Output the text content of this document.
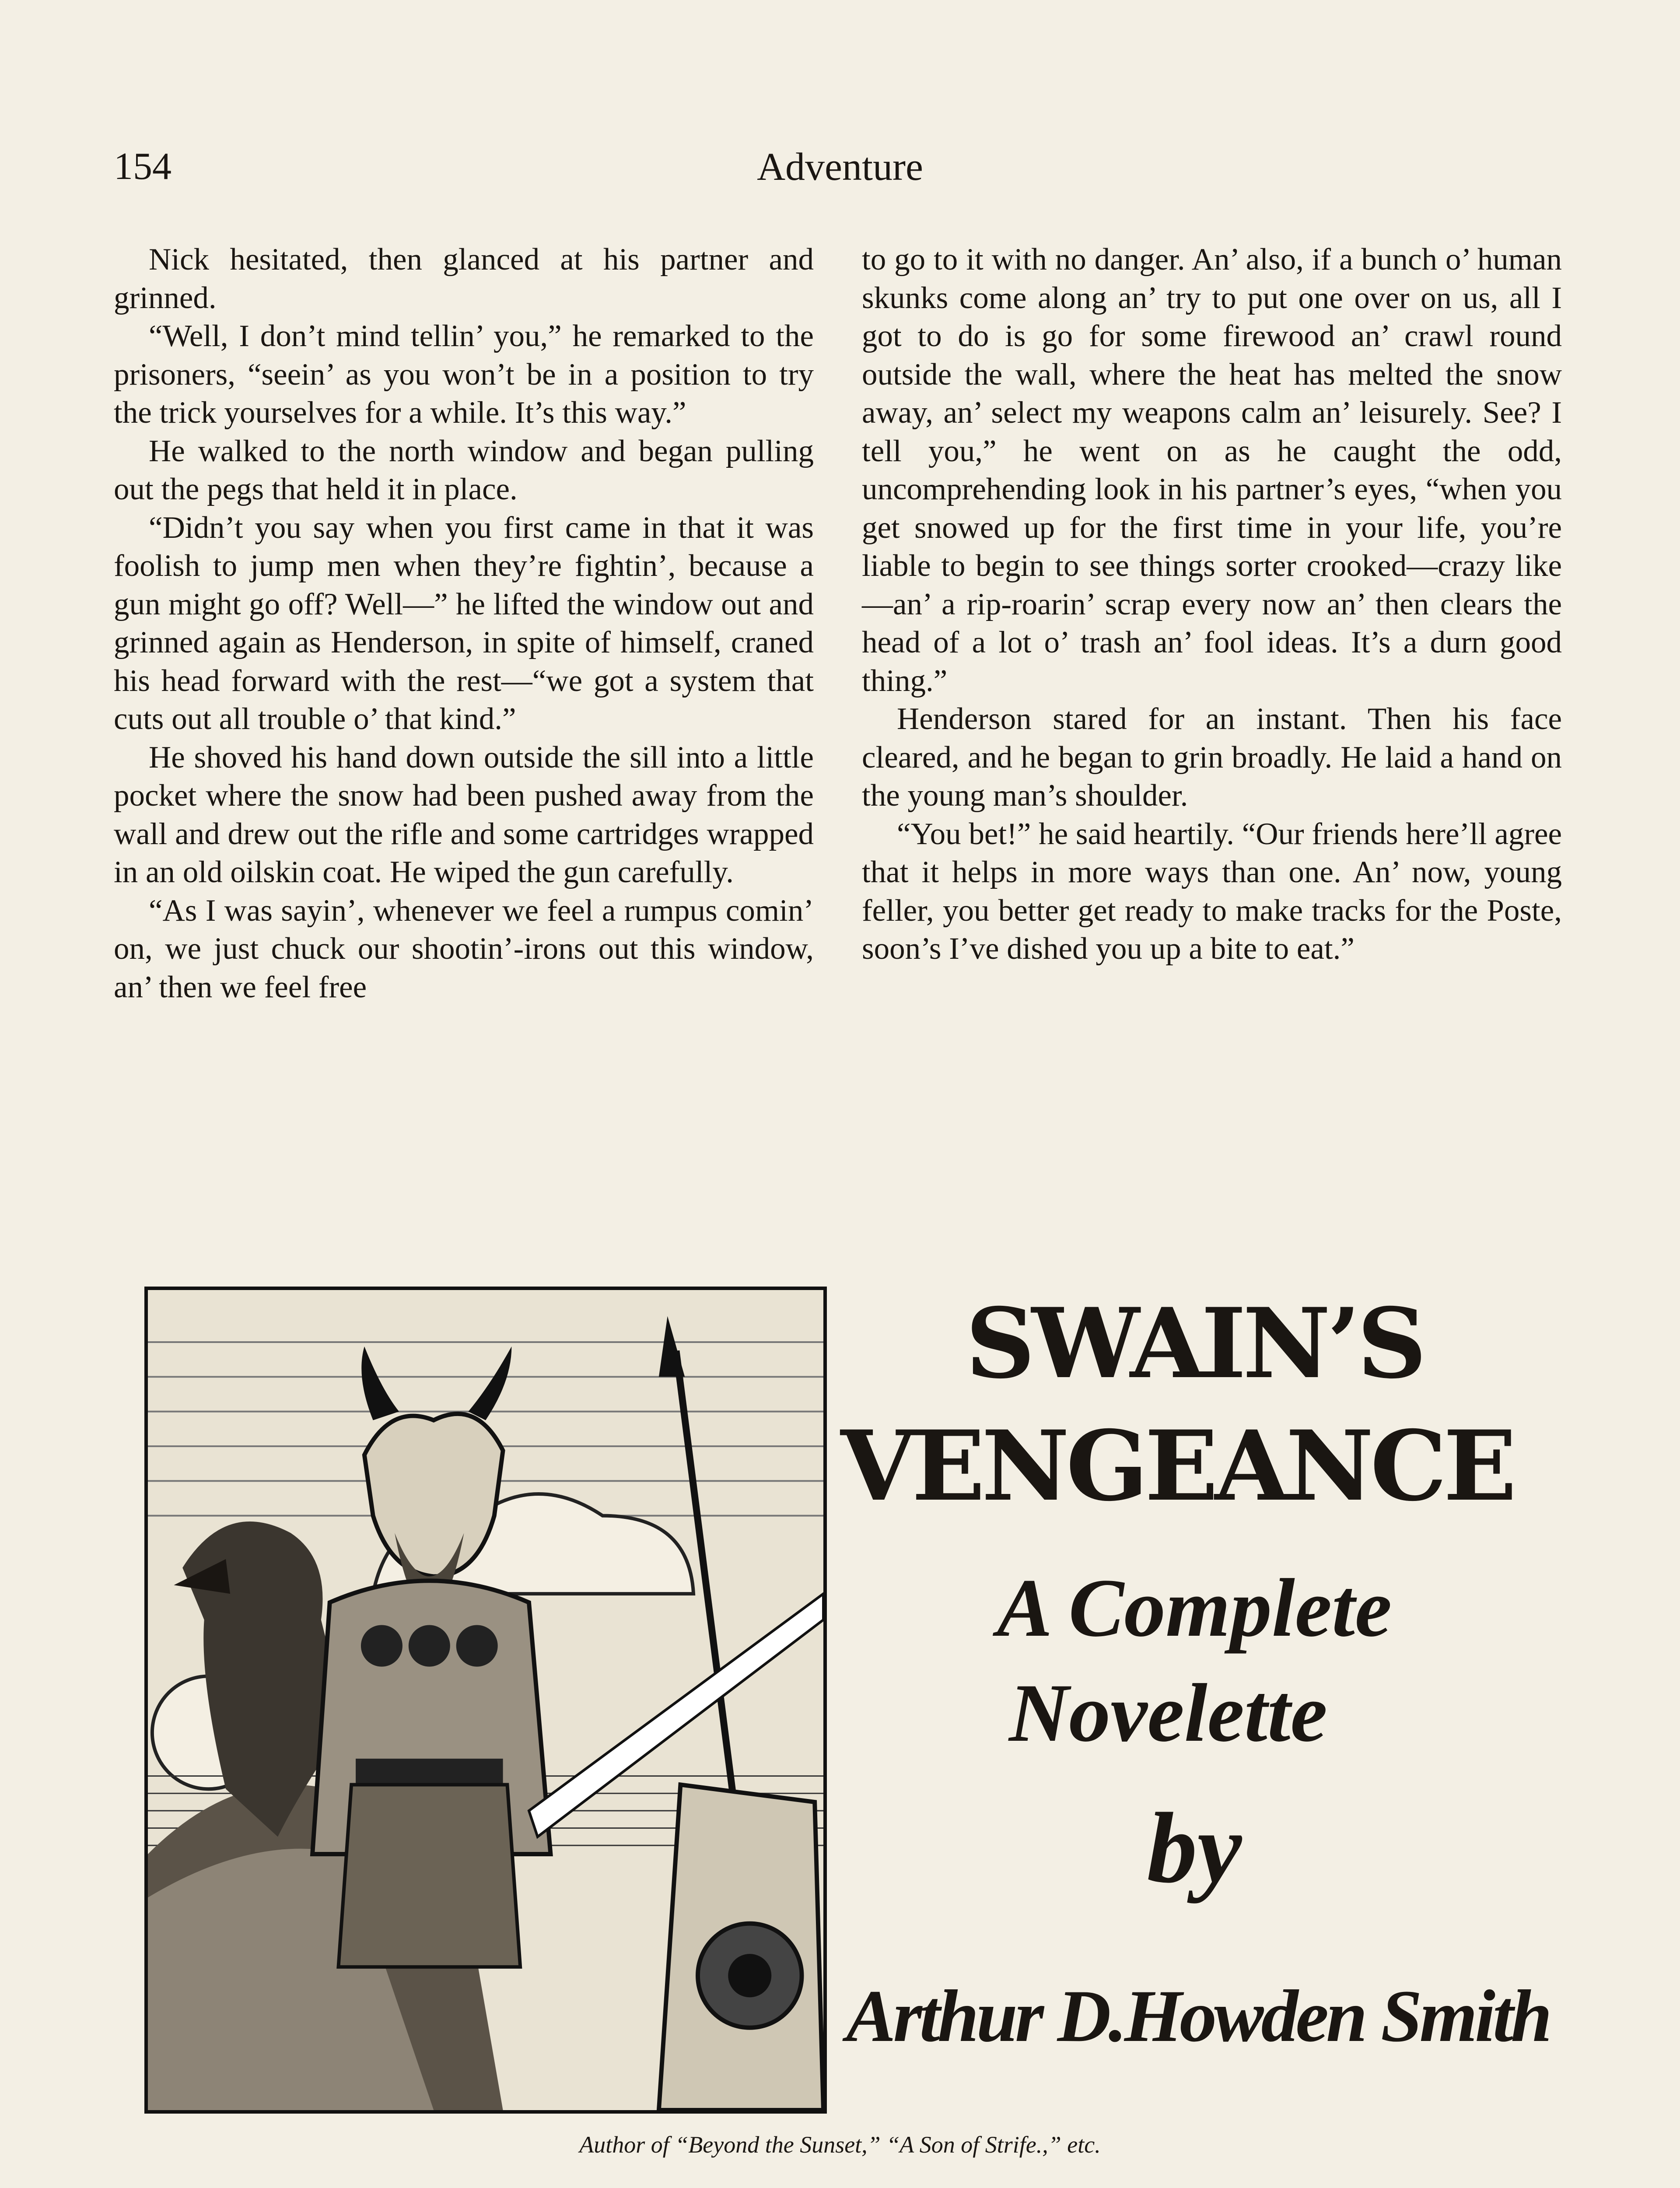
154	Adventure

Nick hesitated, then glanced at his partner and grinned.

“Well, I don’t mind tellin’ you,” he remarked to the prisoners, “seein’ as you won’t be in a position to try the trick yourselves for a while. It’s this way.”

He walked to the north window and began pulling out the pegs that held it in place.

“Didn’t you say when you first came in that it was foolish to jump men when they’re fightin’, because a gun might go off? Well—” he lifted the window out and grinned again as Henderson, in spite of himself, craned his head forward with the rest—“we got a system that cuts out all trouble o’ that kind.”

He shoved his hand down outside the sill into a little pocket where the snow had been pushed away from the wall and drew out the rifle and some cartridges wrapped in an old oilskin coat. He wiped the gun carefully.

“As I was sayin’, whenever we feel a rumpus comin’ on, we just chuck our shootin’-irons out this window, an’ then we feel free

to go to it with no danger. An’ also, if a bunch o’ human skunks come along an’ try to put one over on us, all I got to do is go for some firewood an’ crawl round outside the wall, where the heat has melted the snow away, an’ select my weapons calm an’ leisurely. See? I tell you,” he went on as he caught the odd, uncomprehending look in his partner’s eyes, “when you get snowed up for the first time in your life, you’re liable to begin to see things sorter crooked—crazy like—an’ a rip-roarin’ scrap every now an’ then clears the head of a lot o’ trash an’ fool ideas. It’s a durn good thing.”

Henderson stared for an instant. Then his face cleared, and he began to grin broadly. He laid a hand on the young man’s shoulder.

“You bet!” he said heartily. “Our friends here’ll agree that it helps in more ways than one. An’ now, young feller, you better get ready to make tracks for the Poste, soon’s I’ve dished you up a bite to eat.”

SWAIN’S
VENGEANCE
A Complete
Novelette
by
Arthur D.Howden Smith
Author of “Beyond the Sunset,” “A Son of Strife.,” etc.
